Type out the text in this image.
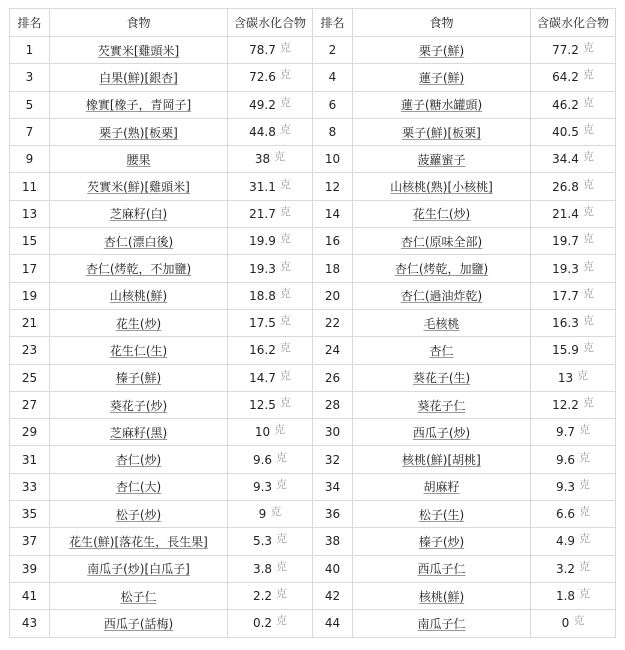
排名	食物	含碳水化合物	排名	食物	含碳水化合物
1	芡實米[雞頭米]	78.7 克	2	栗子(鮮)	77.2 克
3	白果(鮮)[銀杏]	72.6 克	4	蓮子(鮮)	64.2 克
5	橡實[橡子，青岡子]	49.2 克	6	蓮子(糖水罐頭)	46.2 克
7	栗子(熟)[板栗]	44.8 克	8	栗子(鮮)[板栗]	40.5 克
9	腰果	38 克	10	菠蘿蜜子	34.4 克
11	芡實米(鮮)[雞頭米]	31.1 克	12	山核桃(熟)[小核桃]	26.8 克
13	芝麻籽(白)	21.7 克	14	花生仁(炒)	21.4 克
15	杏仁(漂白後)	19.9 克	16	杏仁(原味全部)	19.7 克
17	杏仁(烤乾，不加鹽)	19.3 克	18	杏仁(烤乾，加鹽)	19.3 克
19	山核桃(鮮)	18.8 克	20	杏仁(過油炸乾)	17.7 克
21	花生(炒)	17.5 克	22	毛核桃	16.3 克
23	花生仁(生)	16.2 克	24	杏仁	15.9 克
25	榛子(鮮)	14.7 克	26	葵花子(生)	13 克
27	葵花子(炒)	12.5 克	28	葵花子仁	12.2 克
29	芝麻籽(黑)	10 克	30	西瓜子(炒)	9.7 克
31	杏仁(炒)	9.6 克	32	核桃(鮮)[胡桃]	9.6 克
33	杏仁(大)	9.3 克	34	胡麻籽	9.3 克
35	松子(炒)	9 克	36	松子(生)	6.6 克
37	花生(鮮)[落花生，長生果]	5.3 克	38	榛子(炒)	4.9 克
39	南瓜子(炒)[白瓜子]	3.8 克	40	西瓜子仁	3.2 克
41	松子仁	2.2 克	42	核桃(鮮)	1.8 克
43	西瓜子(話梅)	0.2 克	44	南瓜子仁	0 克
